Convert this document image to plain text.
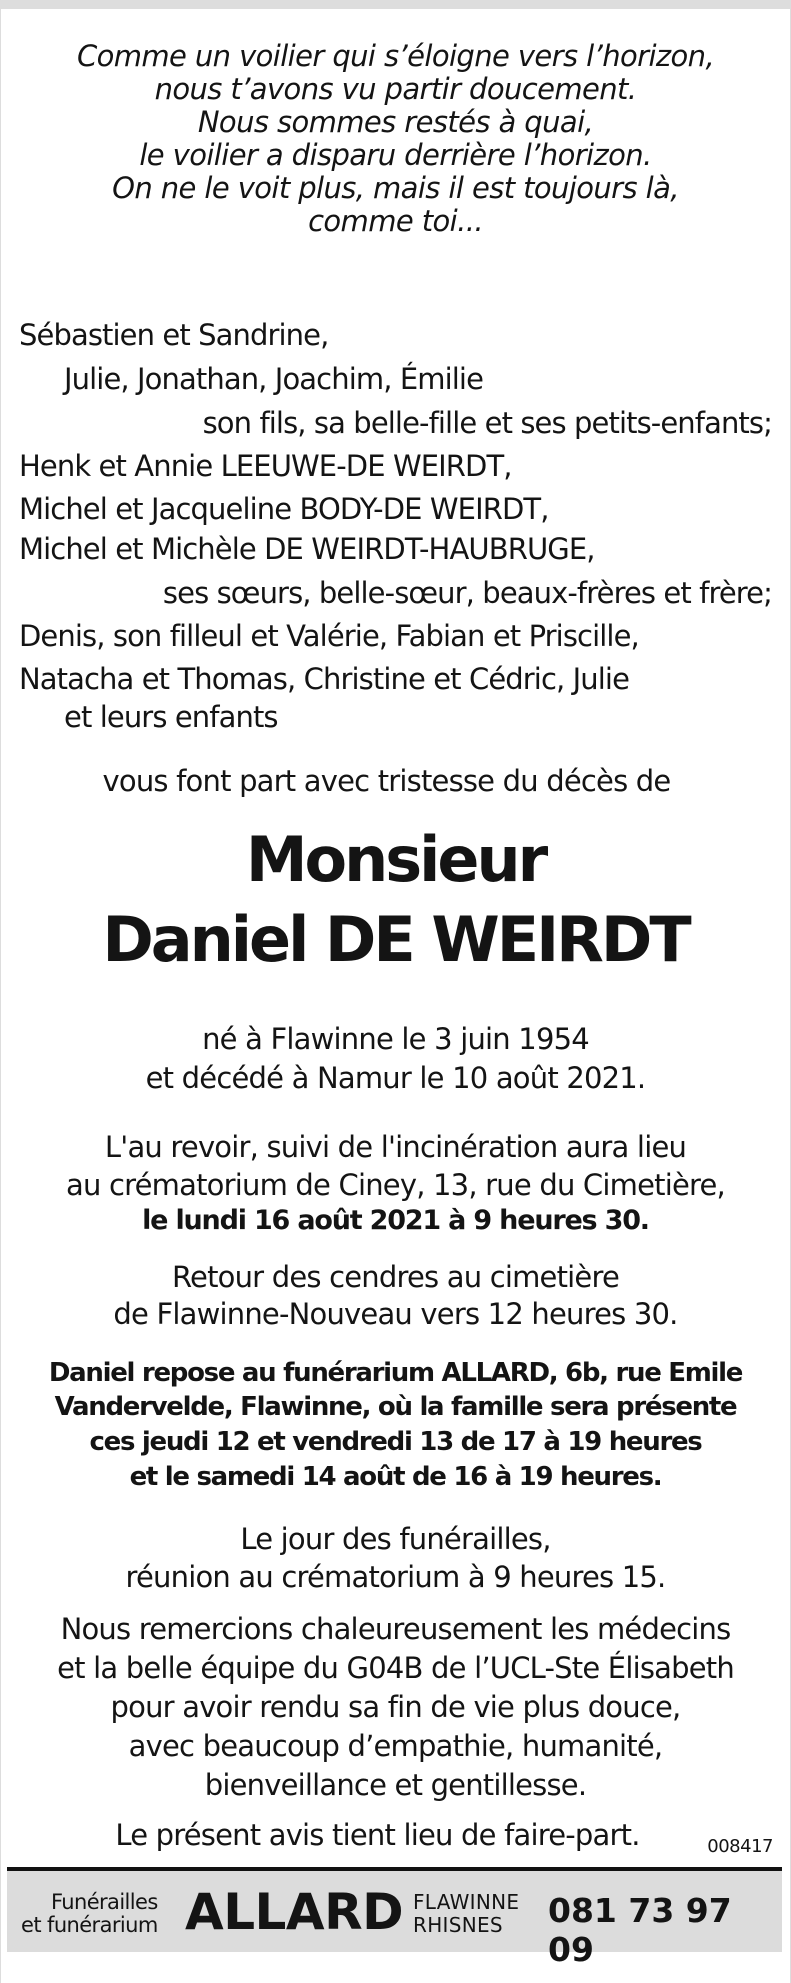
Comme un voilier qui s’éloigne vers l’horizon,
nous t’avons vu partir doucement.
Nous sommes restés à quai,
le voilier a disparu derrière l’horizon.
On ne le voit plus, mais il est toujours là,
comme toi...
Sébastien et Sandrine,
Julie, Jonathan, Joachim, Émilie
son fils, sa belle-fille et ses petits-enfants;
Henk et Annie LEEUWE-DE WEIRDT,
Michel et Jacqueline BODY-DE WEIRDT,
Michel et Michèle DE WEIRDT-HAUBRUGE,
ses sœurs, belle-sœur, beaux-frères et frère;
Denis, son filleul et Valérie, Fabian et Priscille,
Natacha et Thomas, Christine et Cédric, Julie
et leurs enfants
vous font part avec tristesse du décès de
Monsieur
Daniel DE WEIRDT
né à Flawinne le 3 juin 1954
et décédé à Namur le 10 août 2021.
L'au revoir, suivi de l'incinération aura lieu
au crématorium de Ciney, 13, rue du Cimetière,
le lundi 16 août 2021 à 9 heures 30.
Retour des cendres au cimetière
de Flawinne-Nouveau vers 12 heures 30.
Daniel repose au funérarium ALLARD, 6b, rue Emile
Vandervelde, Flawinne, où la famille sera présente
ces jeudi 12 et vendredi 13 de 17 à 19 heures
et le samedi 14 août de 16 à 19 heures.
Le jour des funérailles,
réunion au crématorium à 9 heures 15.
Nous remercions chaleureusement les médecins
et la belle équipe du G04B de l’UCL-Ste Élisabeth
pour avoir rendu sa fin de vie plus douce,
avec beaucoup d’empathie, humanité,
bienveillance et gentillesse.
Le présent avis tient lieu de faire-part.	008417
Funérailles
et funérarium ALLARD FLAWINNE
RHISNES	081 73 97 09
